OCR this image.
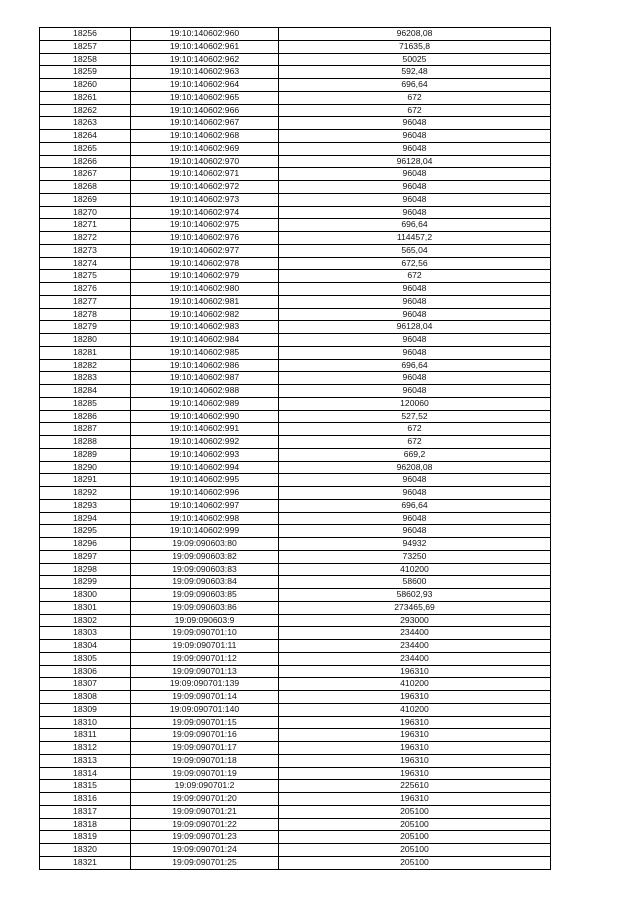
18256	19:10:140602:960	96208,08
18257	19:10:140602:961	71635,8
18258	19:10:140602:962	50025
18259	19:10:140602:963	592,48
18260	19:10:140602:964	696,64
18261	19:10:140602:965	672
18262	19:10:140602:966	672
18263	19:10:140602:967	96048
18264	19:10:140602:968	96048
18265	19:10:140602:969	96048
18266	19:10:140602:970	96128,04
18267	19:10:140602:971	96048
18268	19:10:140602:972	96048
18269	19:10:140602:973	96048
18270	19:10:140602:974	96048
18271	19:10:140602:975	696,64
18272	19:10:140602:976	114457,2
18273	19:10:140602:977	565,04
18274	19:10:140602:978	672,56
18275	19:10:140602:979	672
18276	19:10:140602:980	96048
18277	19:10:140602:981	96048
18278	19:10:140602:982	96048
18279	19:10:140602:983	96128,04
18280	19:10:140602:984	96048
18281	19:10:140602:985	96048
18282	19:10:140602:986	696,64
18283	19:10:140602:987	96048
18284	19:10:140602:988	96048
18285	19:10:140602:989	120060
18286	19:10:140602:990	527,52
18287	19:10:140602:991	672
18288	19:10:140602:992	672
18289	19:10:140602:993	669,2
18290	19:10:140602:994	96208,08
18291	19:10:140602:995	96048
18292	19:10:140602:996	96048
18293	19:10:140602:997	696,64
18294	19:10:140602:998	96048
18295	19:10:140602:999	96048
18296	19:09:090603:80	94932
18297	19:09:090603:82	73250
18298	19:09:090603:83	410200
18299	19:09:090603:84	58600
18300	19:09:090603:85	58602,93
18301	19:09:090603:86	273465,69
18302	19:09:090603:9	293000
18303	19:09:090701:10	234400
18304	19:09:090701:11	234400
18305	19:09:090701:12	234400
18306	19:09:090701:13	196310
18307	19:09:090701:139	410200
18308	19:09:090701:14	196310
18309	19:09:090701:140	410200
18310	19:09:090701:15	196310
18311	19:09:090701:16	196310
18312	19:09:090701:17	196310
18313	19:09:090701:18	196310
18314	19:09:090701:19	196310
18315	19:09:090701:2	225610
18316	19:09:090701:20	196310
18317	19:09:090701:21	205100
18318	19:09:090701:22	205100
18319	19:09:090701:23	205100
18320	19:09:090701:24	205100
18321	19:09:090701:25	205100
